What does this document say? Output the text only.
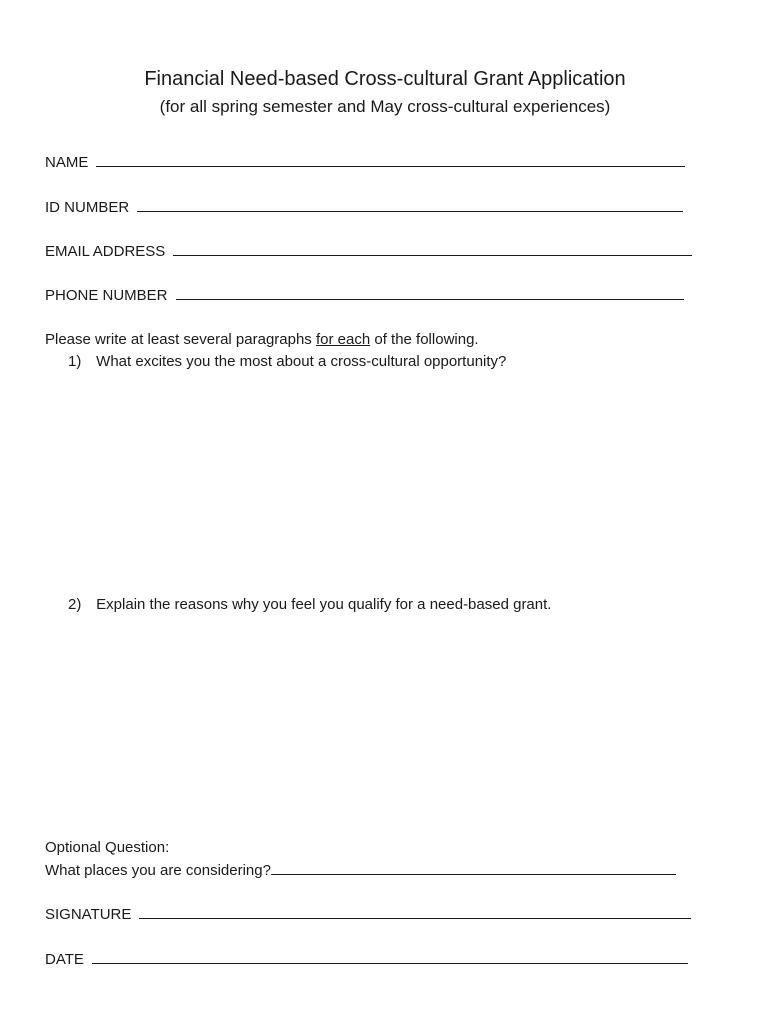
Financial Need-based Cross-cultural Grant Application
(for all spring semester and May cross-cultural experiences)
NAME
ID NUMBER
EMAIL ADDRESS
PHONE NUMBER
Please write at least several paragraphs for each of the following.
1) What excites you the most about a cross-cultural opportunity?
2) Explain the reasons why you feel you qualify for a need-based grant.
Optional Question:
What places you are considering?
SIGNATURE
DATE
